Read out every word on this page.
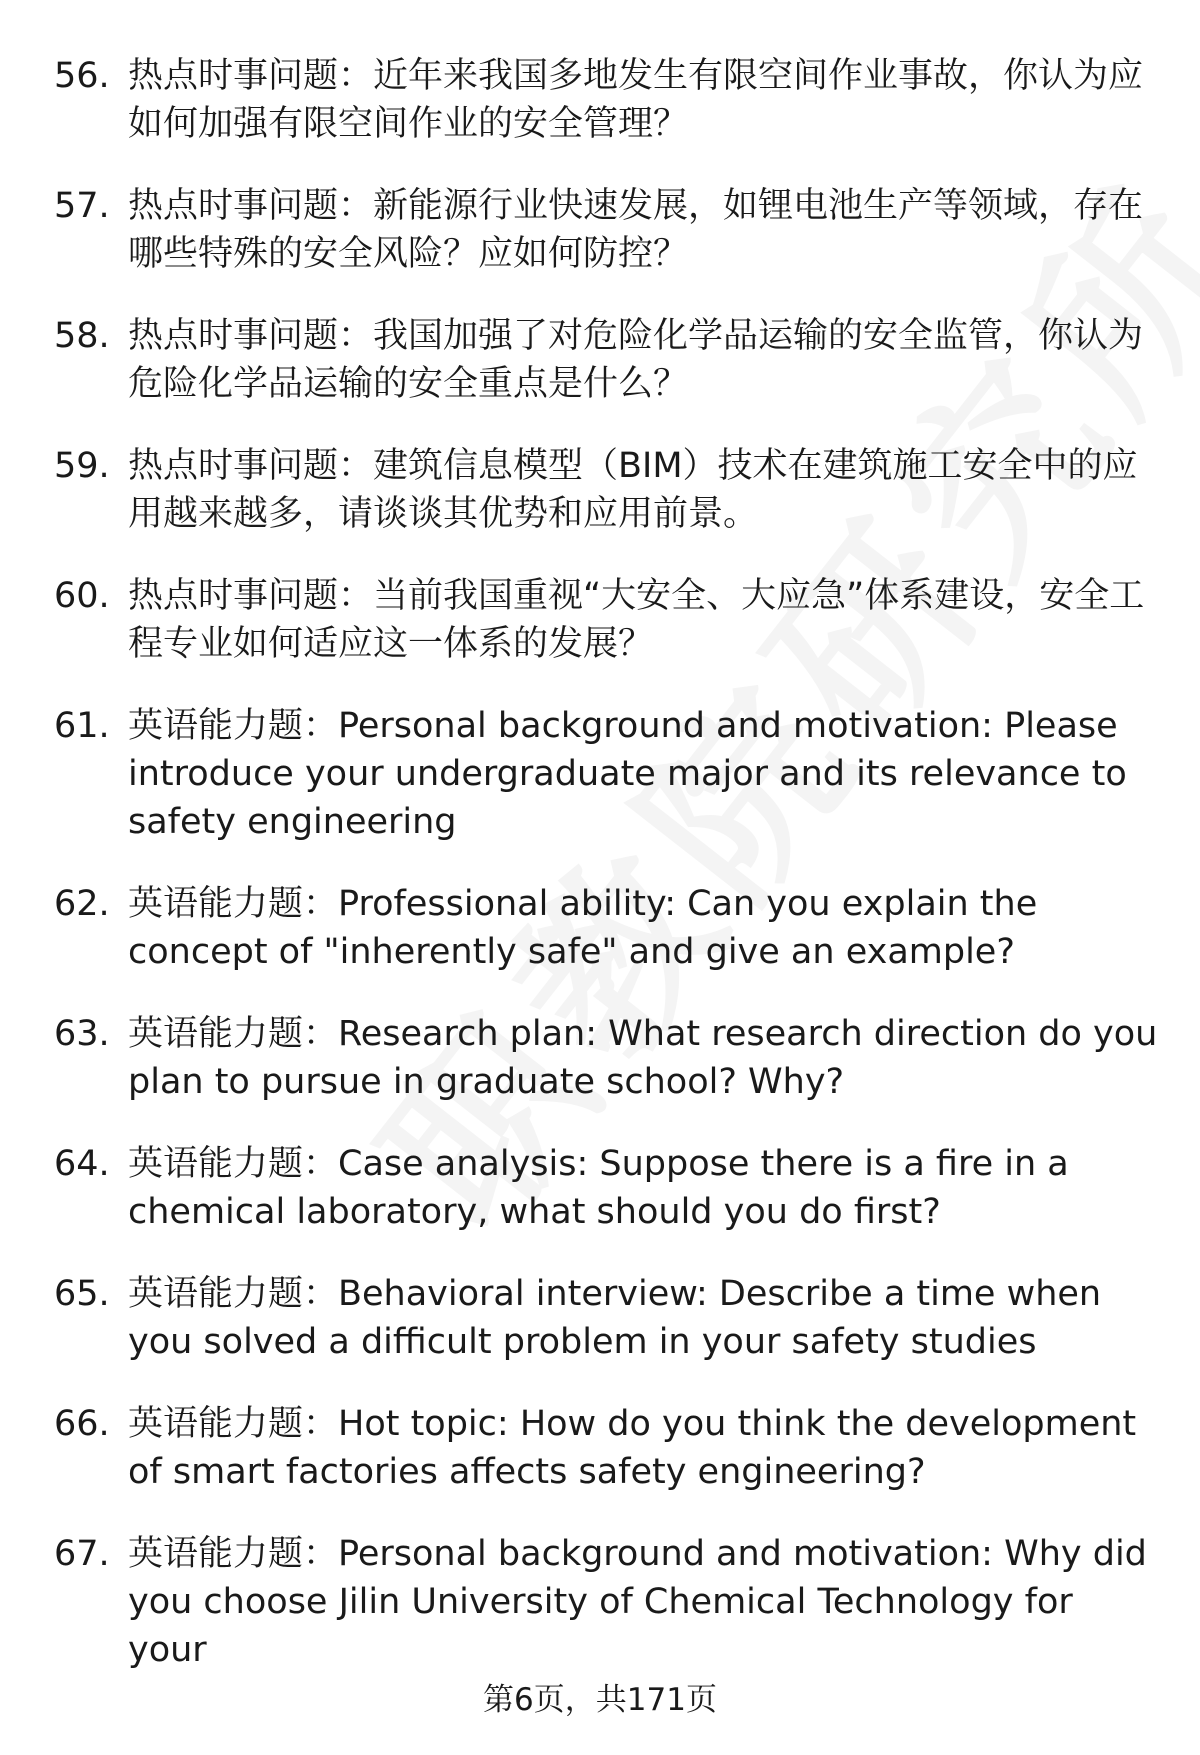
56. 热点时事问题：近年来我国多地发生有限空间作业事故，你认为应如何加强有限空间作业的安全管理？
57. 热点时事问题：新能源行业快速发展，如锂电池生产等领域，存在哪些特殊的安全风险？应如何防控？
58. 热点时事问题：我国加强了对危险化学品运输的安全监管，你认为危险化学品运输的安全重点是什么？
59. 热点时事问题：建筑信息模型（BIM）技术在建筑施工安全中的应用越来越多，请谈谈其优势和应用前景。
60. 热点时事问题：当前我国重视“大安全、大应急”体系建设，安全工程专业如何适应这一体系的发展？
61. 英语能力题：Personal background and motivation: Please introduce your undergraduate major and its relevance to safety engineering
62. 英语能力题：Professional ability: Can you explain the concept of "inherently safe" and give an example?
63. 英语能力题：Research plan: What research direction do you plan to pursue in graduate school? Why?
64. 英语能力题：Case analysis: Suppose there is a fire in a chemical laboratory, what should you do first?
65. 英语能力题：Behavioral interview: Describe a time when you solved a difficult problem in your safety studies
66. 英语能力题：Hot topic: How do you think the development of smart factories affects safety engineering?
67. 英语能力题：Personal background and motivation: Why did you choose Jilin University of Chemical Technology for your
第6页，共171页
